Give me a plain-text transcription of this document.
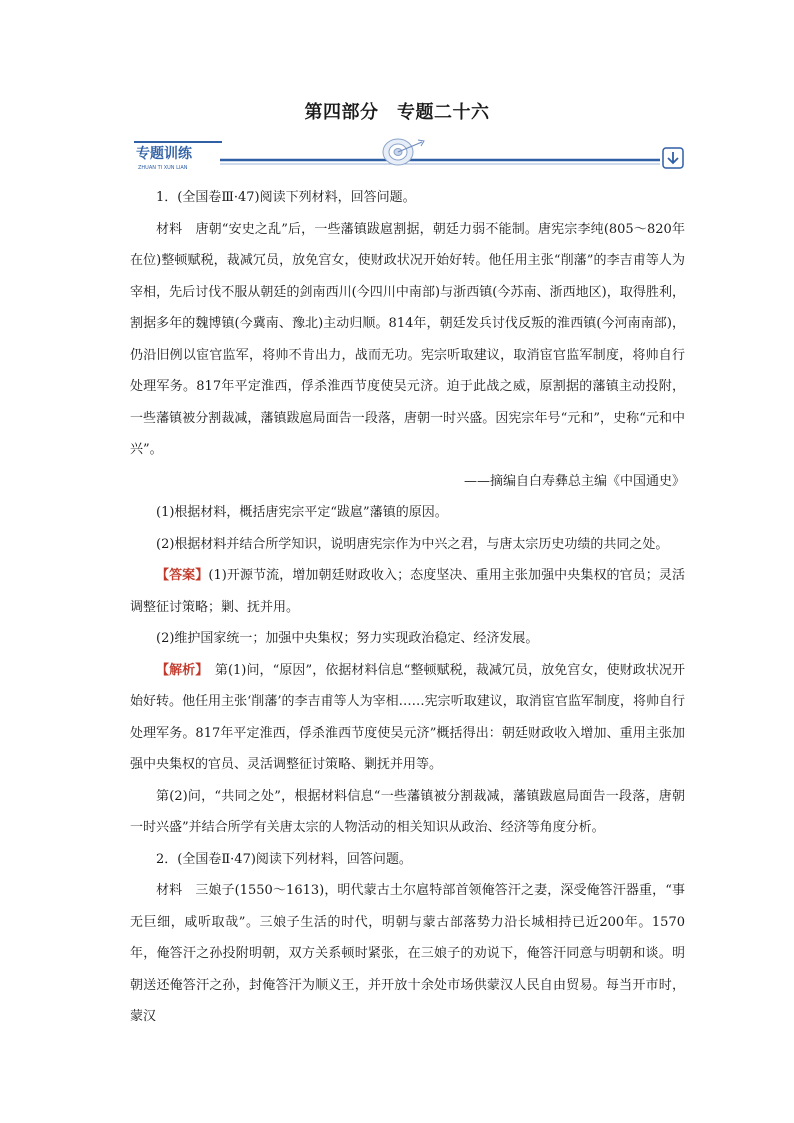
第四部分　专题二十六
专题训练
ZHUAN TI XUN LIAN

1．(全国卷Ⅲ·47)阅读下列材料，回答问题。

材料　唐朝“安史之乱”后，一些藩镇跋扈割据，朝廷力弱不能制。唐宪宗李纯(805～820年在位)整顿赋税，裁减冗员，放免宫女，使财政状况开始好转。他任用主张“削藩”的李吉甫等人为宰相，先后讨伐不服从朝廷的剑南西川(今四川中南部)与浙西镇(今苏南、浙西地区)，取得胜利，割据多年的魏博镇(今冀南、豫北)主动归顺。814年，朝廷发兵讨伐反叛的淮西镇(今河南南部)，仍沿旧例以宦官监军，将帅不肯出力，战而无功。宪宗听取建议，取消宦官监军制度，将帅自行处理军务。817年平定淮西，俘杀淮西节度使吴元济。迫于此战之威，原割据的藩镇主动投附，一些藩镇被分割裁减，藩镇跋扈局面告一段落，唐朝一时兴盛。因宪宗年号“元和”，史称“元和中兴”。

——摘编自白寿彝总主编《中国通史》

(1)根据材料，概括唐宪宗平定“跋扈”藩镇的原因。

(2)根据材料并结合所学知识，说明唐宪宗作为中兴之君，与唐太宗历史功绩的共同之处。

【答案】(1)开源节流，增加朝廷财政收入；态度坚决、重用主张加强中央集权的官员；灵活调整征讨策略；剿、抚并用。

(2)维护国家统一；加强中央集权；努力实现政治稳定、经济发展。

【解析】　第(1)问，“原因”，依据材料信息“整顿赋税，裁减冗员，放免宫女，使财政状况开始好转。他任用主张‘削藩’的李吉甫等人为宰相……宪宗听取建议，取消宦官监军制度，将帅自行处理军务。817年平定淮西，俘杀淮西节度使吴元济”概括得出：朝廷财政收入增加、重用主张加强中央集权的官员、灵活调整征讨策略、剿抚并用等。

第(2)问，“共同之处”，根据材料信息“一些藩镇被分割裁减，藩镇跋扈局面告一段落，唐朝一时兴盛”并结合所学有关唐太宗的人物活动的相关知识从政治、经济等角度分析。

2．(全国卷Ⅱ·47)阅读下列材料，回答问题。

材料　三娘子(1550～1613)，明代蒙古土尔扈特部首领俺答汗之妻，深受俺答汗器重，“事无巨细，咸听取哉”。三娘子生活的时代，明朝与蒙古部落势力沿长城相持已近200年。1570年，俺答汗之孙投附明朝，双方关系顿时紧张，在三娘子的劝说下，俺答汗同意与明朝和谈。明朝送还俺答汗之孙，封俺答汗为顺义王，并开放十余处市场供蒙汉人民自由贸易。每当开市时，蒙汉
